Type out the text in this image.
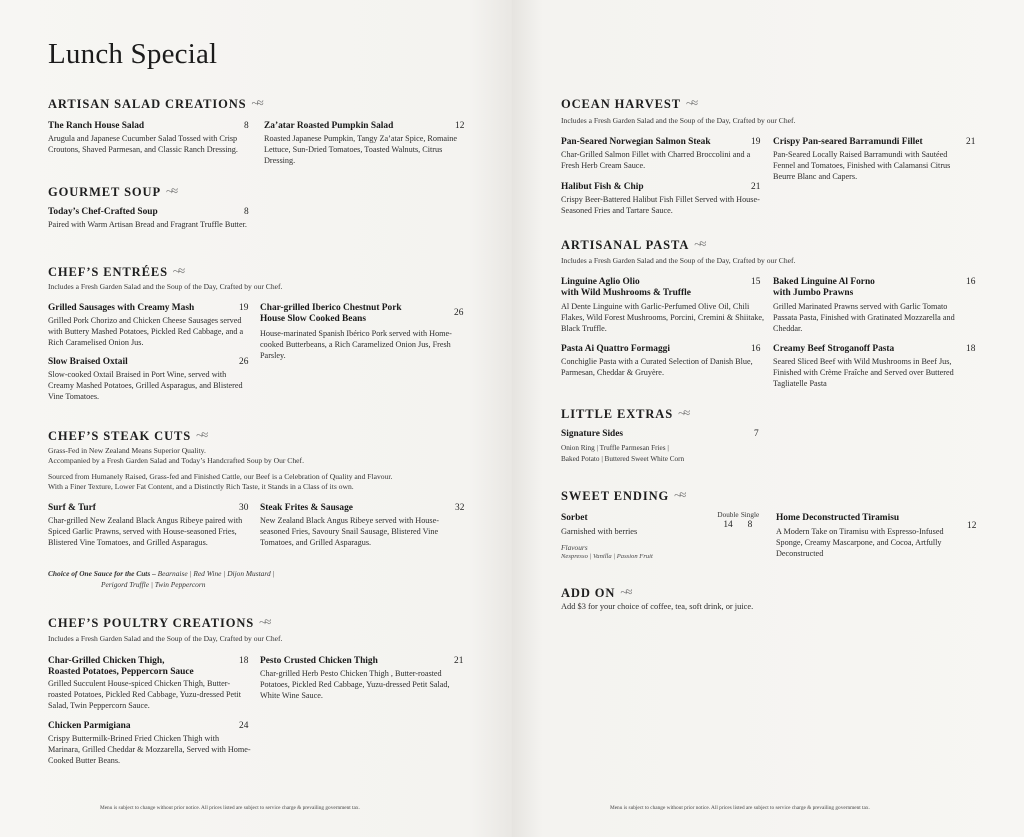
Lunch Special
ARTISAN SALAD CREATIONS ~≈
The Ranch House Salad	8
Arugula and Japanese Cucumber Salad Tossed with Crisp Croutons, Shaved Parmesan, and Classic Ranch Dressing.
Za’atar Roasted Pumpkin Salad	12
Roasted Japanese Pumpkin, Tangy Za’atar Spice, Romaine Lettuce, Sun-Dried Tomatoes, Toasted Walnuts, Citrus Dressing.
GOURMET SOUP ~≈
Today’s Chef-Crafted Soup	8
Paired with Warm Artisan Bread and Fragrant Truffle Butter.
CHEF’S ENTRÉES ~≈
Includes a Fresh Garden Salad and the Soup of the Day, Crafted by our Chef.
Grilled Sausages with Creamy Mash	19
Grilled Pork Chorizo and Chicken Cheese Sausages served with Buttery Mashed Potatoes, Pickled Red Cabbage, and a Rich Caramelised Onion Jus.
Char-grilled Iberico Chestnut Pork
House Slow Cooked Beans
26
House-marinated Spanish Ibérico Pork served with Home-cooked Butterbeans, a Rich Caramelized Onion Jus, Fresh Parsley.
Slow Braised Oxtail	26
Slow-cooked Oxtail Braised in Port Wine, served with Creamy Mashed Potatoes, Grilled Asparagus, and Blistered Vine Tomatoes.
CHEF’S STEAK CUTS ~≈
Grass-Fed in New Zealand Means Superior Quality.
Accompanied by a Fresh Garden Salad and Today’s Handcrafted Soup by Our Chef.
Sourced from Humanely Raised, Grass-fed and Finished Cattle, our Beef is a Celebration of Quality and Flavour.
With a Finer Texture, Lower Fat Content, and a Distinctly Rich Taste, it Stands in a Class of its own.
Surf & Turf	30
Char-grilled New Zealand Black Angus Ribeye paired with Spiced Garlic Prawns, served with House-seasoned Fries, Blistered Vine Tomatoes, and Grilled Asparagus.
Steak Frites & Sausage	32
New Zealand Black Angus Ribeye served with House-seasoned Fries, Savoury Snail Sausage, Blistered Vine Tomatoes, and Grilled Asparagus.
Choice of One Sauce for the Cuts – Bearnaise | Red Wine | Dijon Mustard |
Perigord Truffle | Twin Peppercorn
CHEF’S POULTRY CREATIONS ~≈
Includes a Fresh Garden Salad and the Soup of the Day, Crafted by our Chef.
Char-Grilled Chicken Thigh,
Roasted Potatoes, Peppercorn Sauce
18
Grilled Succulent House-spiced Chicken Thigh, Butter-roasted Potatoes, Pickled Red Cabbage, Yuzu-dressed Petit Salad, Twin Peppercorn Sauce.
Pesto Crusted Chicken Thigh	21
Char-grilled Herb Pesto Chicken Thigh , Butter-roasted Potatoes, Pickled Red Cabbage, Yuzu-dressed Petit Salad, White Wine Sauce.
Chicken Parmigiana	24
Crispy Buttermilk-Brined Fried Chicken Thigh with Marinara, Grilled Cheddar & Mozzarella, Served with Home-Cooked Butter Beans.
Menu is subject to change without prior notice. All prices listed are subject to service charge & prevailing government tax.
OCEAN HARVEST ~≈
Includes a Fresh Garden Salad and the Soup of the Day, Crafted by our Chef.
Pan-Seared Norwegian Salmon Steak	19
Char-Grilled Salmon Fillet with Charred Broccolini and a Fresh Herb Cream Sauce.
Crispy Pan-seared Barramundi Fillet	21
Pan-Seared Locally Raised Barramundi with Sautéed Fennel and Tomatoes, Finished with Calamansi Citrus Beurre Blanc and Capers.
Halibut Fish & Chip	21
Crispy Beer-Battered Halibut Fish Fillet Served with House-Seasoned Fries and Tartare Sauce.
ARTISANAL PASTA ~≈
Includes a Fresh Garden Salad and the Soup of the Day, Crafted by our Chef.
Linguine Aglio Olio
with Wild Mushrooms & Truffle
15
Al Dente Linguine with Garlic-Perfumed Olive Oil, Chili Flakes, Wild Forest Mushrooms, Porcini, Cremini & Shiitake, Black Truffle.
Baked Linguine Al Forno
with Jumbo Prawns
16
Grilled Marinated Prawns served with Garlic Tomato Passata Pasta, Finished with Gratinated Mozzarella and Cheddar.
Pasta Ai Quattro Formaggi	16
Conchiglie Pasta with a Curated Selection of Danish Blue, Parmesan, Cheddar & Gruyère.
Creamy Beef Stroganoff Pasta	18
Seared Sliced Beef with Wild Mushrooms in Beef Jus, Finished with Crème Fraîche and Served over Buttered Tagliatelle Pasta
LITTLE EXTRAS ~≈
Signature Sides	7
Onion Ring | Truffle Parmesan Fries |
Baked Potato | Buttered Sweet White Corn
SWEET ENDING ~≈
Sorbet
Garnished with berries
Double Single
14	8
Flavours
Nespresso | Vanilla | Passion Fruit
Home Deconstructed Tiramisu
12
A Modern Take on Tiramisu with Espresso-Infused Sponge, Creamy Mascarpone, and Cocoa, Artfully Deconstructed
ADD ON ~≈
Add $3 for your choice of coffee, tea, soft drink, or juice.
Menu is subject to change without prior notice. All prices listed are subject to service charge & prevailing government tax.
